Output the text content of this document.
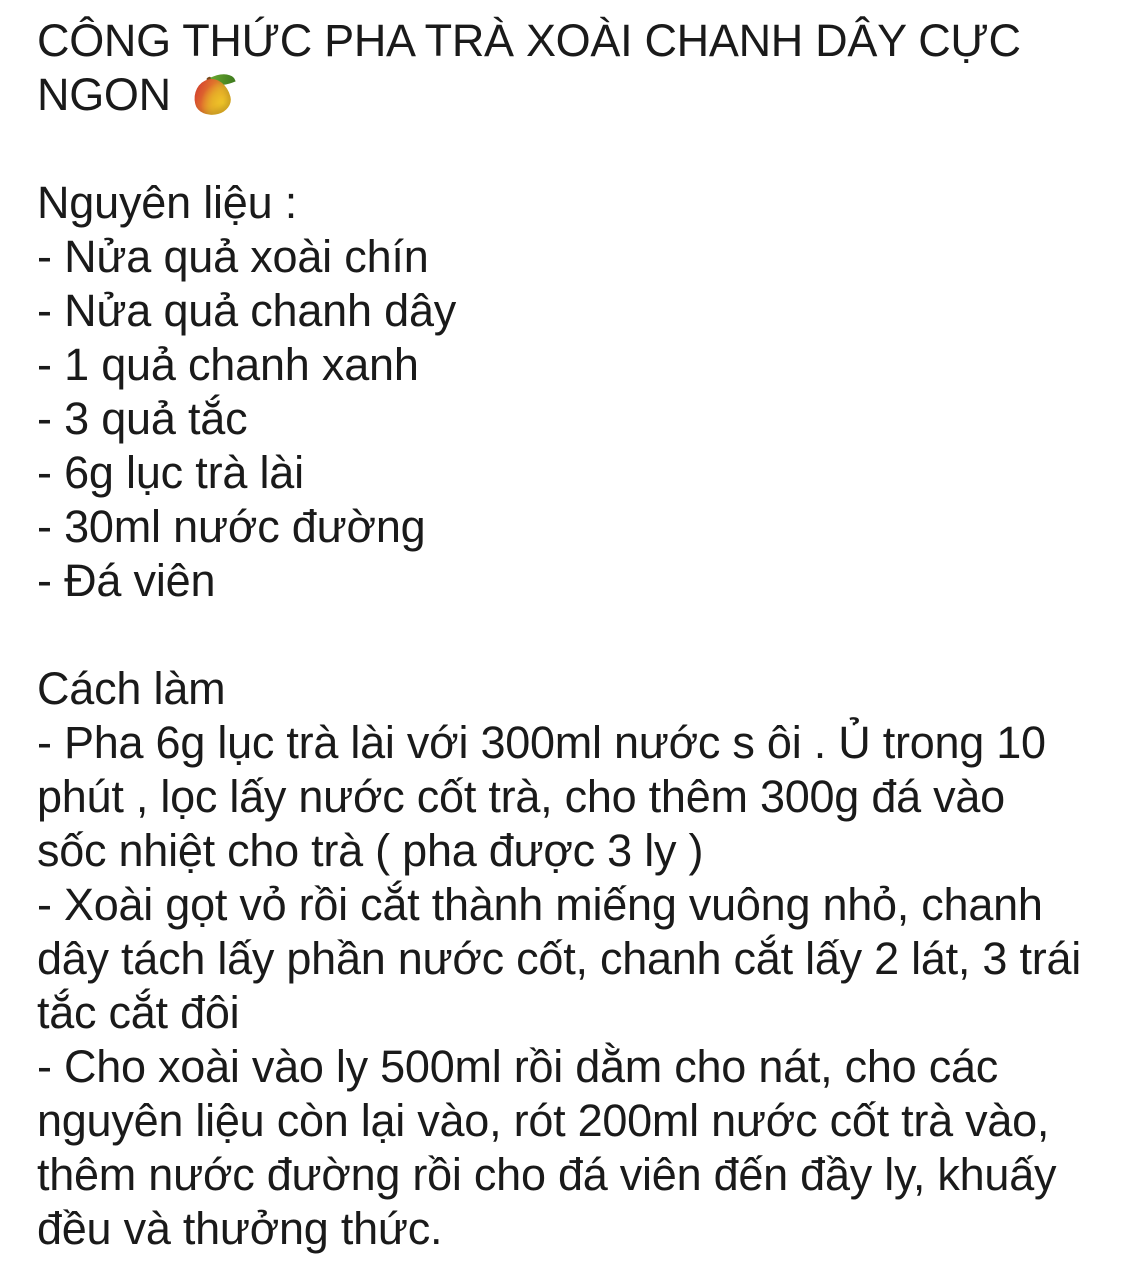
CÔNG THỨC PHA TRÀ XOÀI CHANH DÂY CỰC
NGON

Nguyên liệu :

- Nửa quả xoài chín

- Nửa quả chanh dây

- 1 quả chanh xanh

- 3 quả tắc

- 6g lục trà lài

- 30ml nước đường

- Đá viên

Cách làm

- Pha 6g lục trà lài với 300ml nước s ôi . Ủ trong 10 phút , lọc lấy nước cốt trà, cho thêm 300g đá vào sốc nhiệt cho trà ( pha được 3 ly )

- Xoài gọt vỏ rồi cắt thành miếng vuông nhỏ, chanh dây tách lấy phần nước cốt, chanh cắt lấy 2 lát, 3 trái tắc cắt đôi

- Cho xoài vào ly 500ml rồi dằm cho nát, cho các nguyên liệu còn lại vào, rót 200ml nước cốt trà vào, thêm nước đường rồi cho đá viên đến đầy ly, khuấy đều và thưởng thức.
